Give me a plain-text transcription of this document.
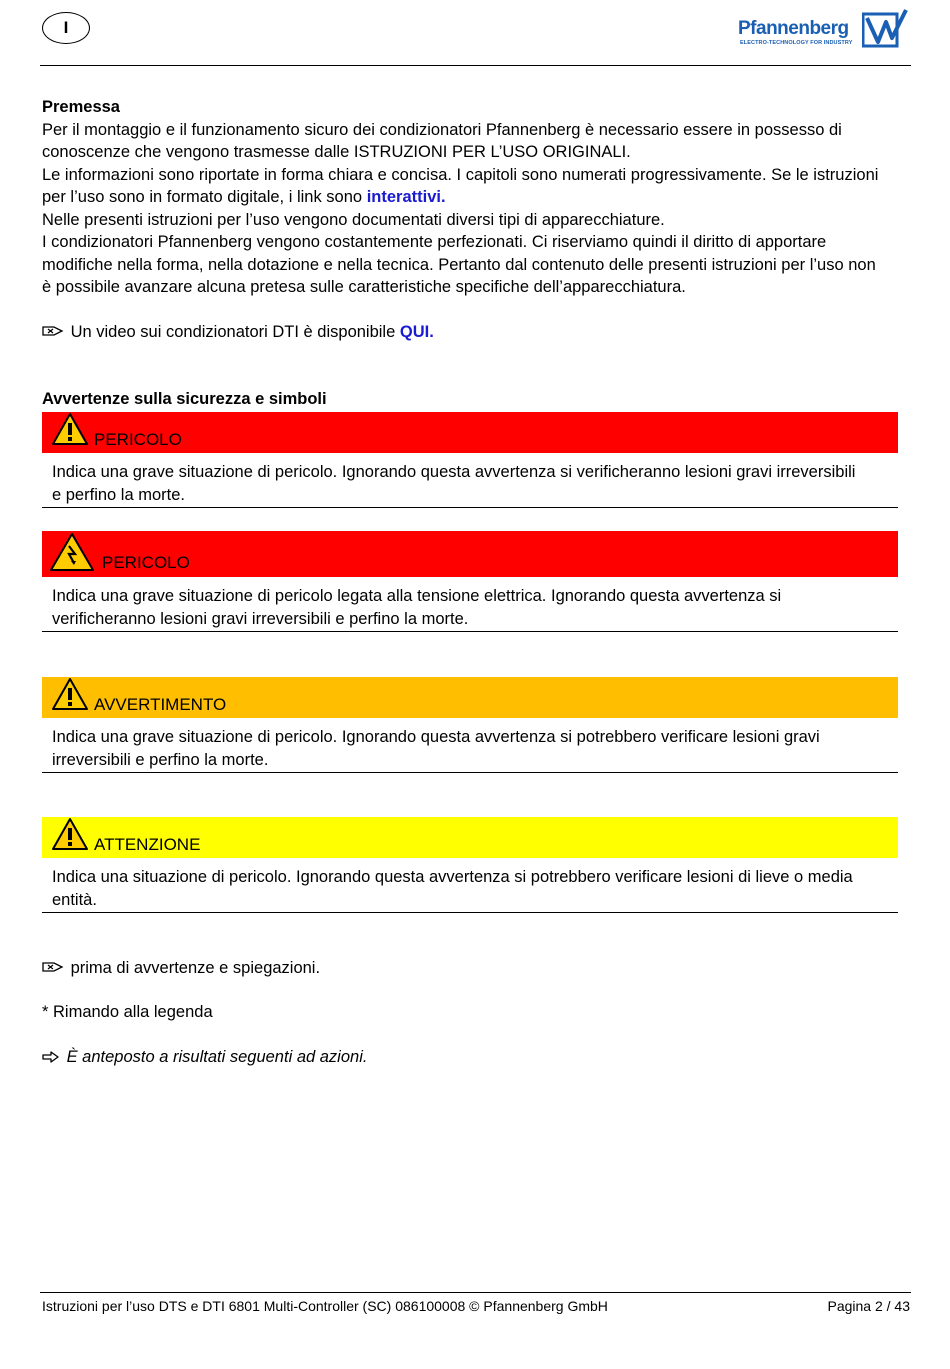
I	Pfannenberg
ELECTRO-TECHNOLOGY FOR INDUSTRY
Premessa
Per il montaggio e il funzionamento sicuro dei condizionatori Pfannenberg è necessario essere in possesso di
conoscenze che vengono trasmesse dalle ISTRUZIONI PER L’USO ORIGINALI.
Le informazioni sono riportate in forma chiara e concisa. I capitoli sono numerati progressivamente. Se le istruzioni
per l’uso sono in formato digitale, i link sono interattivi.
Nelle presenti istruzioni per l’uso vengono documentati diversi tipi di apparecchiature.
I condizionatori Pfannenberg vengono costantemente perfezionati. Ci riserviamo quindi il diritto di apportare
modifiche nella forma, nella dotazione e nella tecnica. Pertanto dal contenuto delle presenti istruzioni per l’uso non
è possibile avanzare alcuna pretesa sulle caratteristiche specifiche dell’apparecchiatura.
Un video sui condizionatori DTI è disponibile QUI.
Avvertenze sulla sicurezza e simboli
PERICOLO
Indica una grave situazione di pericolo. Ignorando questa avvertenza si verificheranno lesioni gravi irreversibili
e perfino la morte.
PERICOLO
Indica una grave situazione di pericolo legata alla tensione elettrica. Ignorando questa avvertenza si
verificheranno lesioni gravi irreversibili e perfino la morte.
AVVERTIMENTO
Indica una grave situazione di pericolo. Ignorando questa avvertenza si potrebbero verificare lesioni gravi
irreversibili e perfino la morte.
ATTENZIONE
Indica una situazione di pericolo. Ignorando questa avvertenza si potrebbero verificare lesioni di lieve o media
entità.
prima di avvertenze e spiegazioni.
* Rimando alla legenda
È anteposto a risultati seguenti ad azioni.
Istruzioni per l’uso DTS e DTI 6801 Multi-Controller (SC) 086100008 © Pfannenberg GmbH	Pagina 2 / 43
